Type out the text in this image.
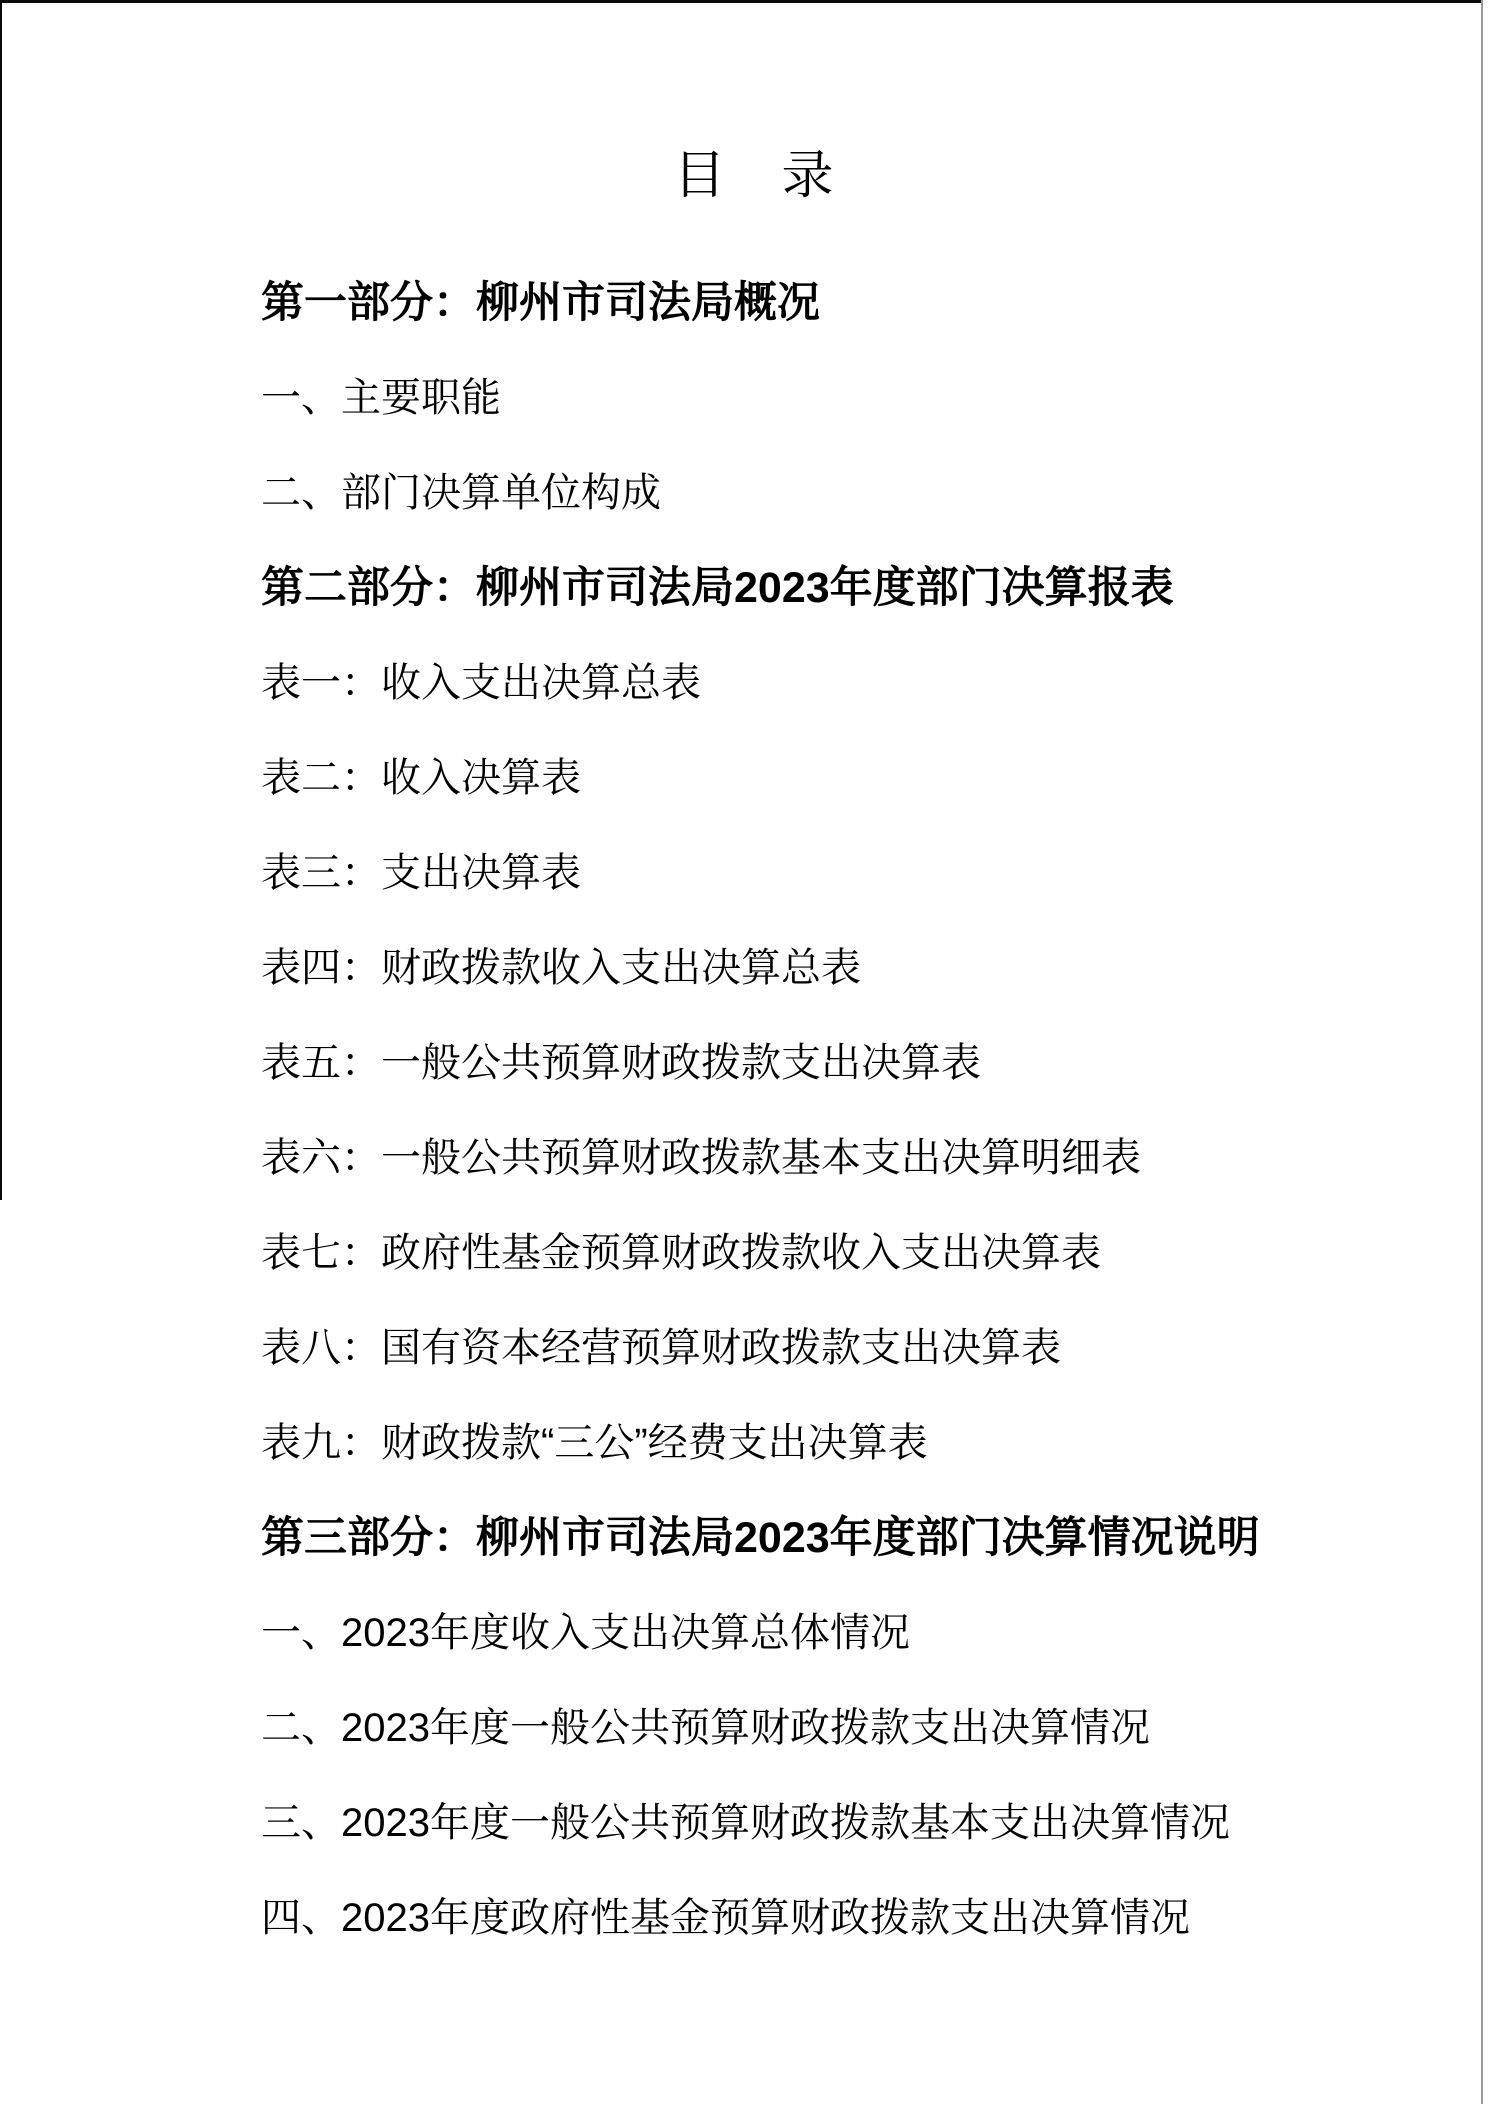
目　录
第一部分：柳州市司法局概况
一、主要职能
二、部门决算单位构成
第二部分：柳州市司法局2023年度部门决算报表
表一：收入支出决算总表
表二：收入决算表
表三：支出决算表
表四：财政拨款收入支出决算总表
表五：一般公共预算财政拨款支出决算表
表六：一般公共预算财政拨款基本支出决算明细表
表七：政府性基金预算财政拨款收入支出决算表
表八：国有资本经营预算财政拨款支出决算表
表九：财政拨款“三公”经费支出决算表
第三部分：柳州市司法局2023年度部门决算情况说明
一、2023年度收入支出决算总体情况
二、2023年度一般公共预算财政拨款支出决算情况
三、2023年度一般公共预算财政拨款基本支出决算情况
四、2023年度政府性基金预算财政拨款支出决算情况
